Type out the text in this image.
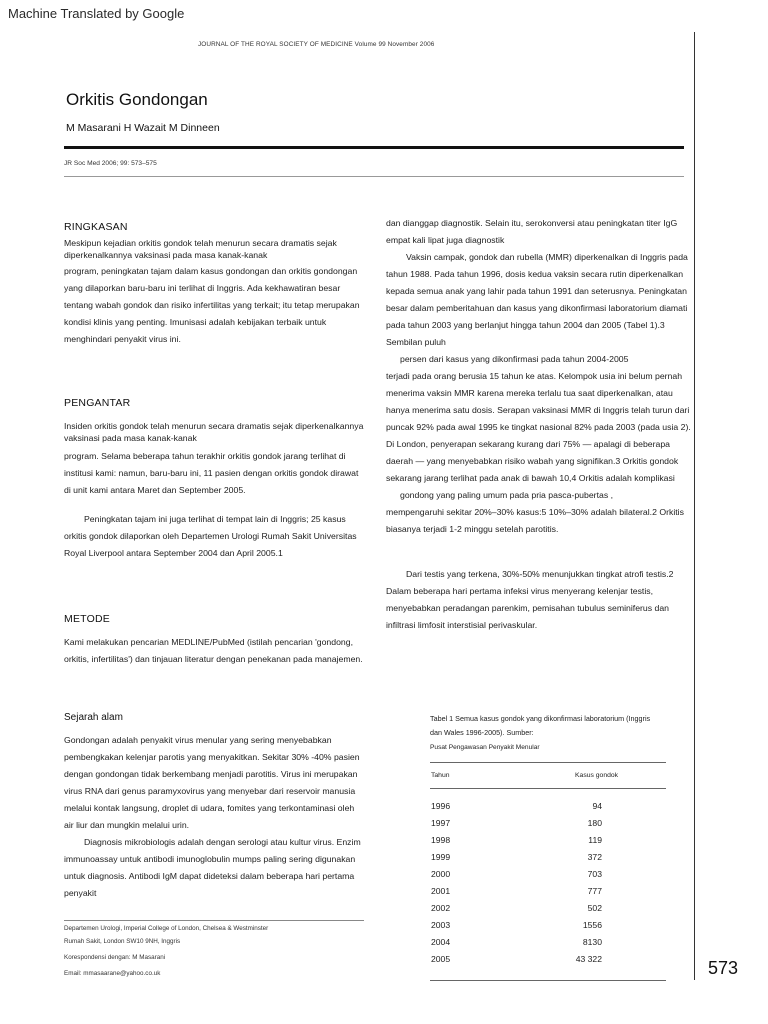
Machine Translated by Google
JOURNAL OF THE ROYAL SOCIETY OF MEDICINE Volume 99 November 2006
Orkitis Gondongan
M Masarani H Wazait M Dinneen
JR Soc Med 2006; 99: 573–575
RINGKASAN

Meskipun kejadian orkitis gondok telah menurun secara dramatis sejak diperkenalkannya vaksinasi pada masa kanak-kanak

program, peningkatan tajam dalam kasus gondongan dan orkitis gondongan yang dilaporkan baru-baru ini terlihat di Inggris. Ada kekhawatiran besar tentang wabah gondok dan risiko infertilitas yang terkait; itu tetap merupakan kondisi klinis yang penting. Imunisasi adalah kebijakan terbaik untuk menghindari penyakit virus ini.

PENGANTAR

Insiden orkitis gondok telah menurun secara dramatis sejak diperkenalkannya vaksinasi pada masa kanak-kanak

program. Selama beberapa tahun terakhir orkitis gondok jarang terlihat di institusi kami: namun, baru-baru ini, 11 pasien dengan orkitis gondok dirawat di unit kami antara Maret dan September 2005.

Peningkatan tajam ini juga terlihat di tempat lain di Inggris; 25 kasus orkitis gondok dilaporkan oleh Departemen Urologi Rumah Sakit Universitas Royal Liverpool antara September 2004 dan April 2005.1

METODE

Kami melakukan pencarian MEDLINE/PubMed (istilah pencarian 'gondong, orkitis, infertilitas') dan tinjauan literatur dengan penekanan pada manajemen.

Sejarah alam

Gondongan adalah penyakit virus menular yang sering menyebabkan pembengkakan kelenjar parotis yang menyakitkan. Sekitar 30% -40% pasien dengan gondongan tidak berkembang menjadi parotitis. Virus ini merupakan virus RNA dari genus paramyxovirus yang menyebar dari reservoir manusia melalui kontak langsung, droplet di udara, fomites yang terkontaminasi oleh air liur dan mungkin melalui urin.

Diagnosis mikrobiologis adalah dengan serologi atau kultur virus. Enzim immunoassay untuk antibodi imunoglobulin mumps paling sering digunakan untuk diagnosis. Antibodi IgM dapat dideteksi dalam beberapa hari pertama penyakit

Departemen Urologi, Imperial College of London, Chelsea & Westminster
Rumah Sakit, London SW10 9NH, Inggris
Korespondensi dengan: M Masarani
Email: mmasaarane@yahoo.co.uk

dan dianggap diagnostik. Selain itu, serokonversi atau peningkatan titer IgG empat kali lipat juga diagnostik

Vaksin campak, gondok dan rubella (MMR) diperkenalkan di Inggris pada tahun 1988. Pada tahun 1996, dosis kedua vaksin secara rutin diperkenalkan kepada semua anak yang lahir pada tahun 1991 dan seterusnya. Peningkatan besar dalam pemberitahuan dan kasus yang dikonfirmasi laboratorium diamati pada tahun 2003 yang berlanjut hingga tahun 2004 dan 2005 (Tabel 1).3 Sembilan puluh

persen dari kasus yang dikonfirmasi pada tahun 2004-2005

terjadi pada orang berusia 15 tahun ke atas. Kelompok usia ini belum pernah menerima vaksin MMR karena mereka terlalu tua saat diperkenalkan, atau hanya menerima satu dosis. Serapan vaksinasi MMR di Inggris telah turun dari puncak 92% pada awal 1995 ke tingkat nasional 82% pada 2003 (pada usia 2). Di London, penyerapan sekarang kurang dari 75% — apalagi di beberapa daerah — yang menyebabkan risiko wabah yang signifikan.3 Orkitis gondok sekarang jarang terlihat pada anak di bawah 10,4 Orkitis adalah komplikasi

gondong yang paling umum pada pria pasca-pubertas ,

mempengaruhi sekitar 20%–30% kasus:5 10%–30% adalah bilateral.2 Orkitis biasanya terjadi 1-2 minggu setelah parotitis.

Dari testis yang terkena, 30%-50% menunjukkan tingkat atrofi testis.2 Dalam beberapa hari pertama infeksi virus menyerang kelenjar testis, menyebabkan peradangan parenkim, pemisahan tubulus seminiferus dan infiltrasi limfosit interstisial perivaskular.

Tabel 1 Semua kasus gondok yang dikonfirmasi laboratorium (Inggris dan Wales 1996-2005). Sumber:
Pusat Pengawasan Penyakit Menular
Tahun	Kasus gondok
1996	94
1997	180
1998	119
1999	372
2000	703
2001	777
2002	502
2003	1556
2004	8130
2005	43 322	573
